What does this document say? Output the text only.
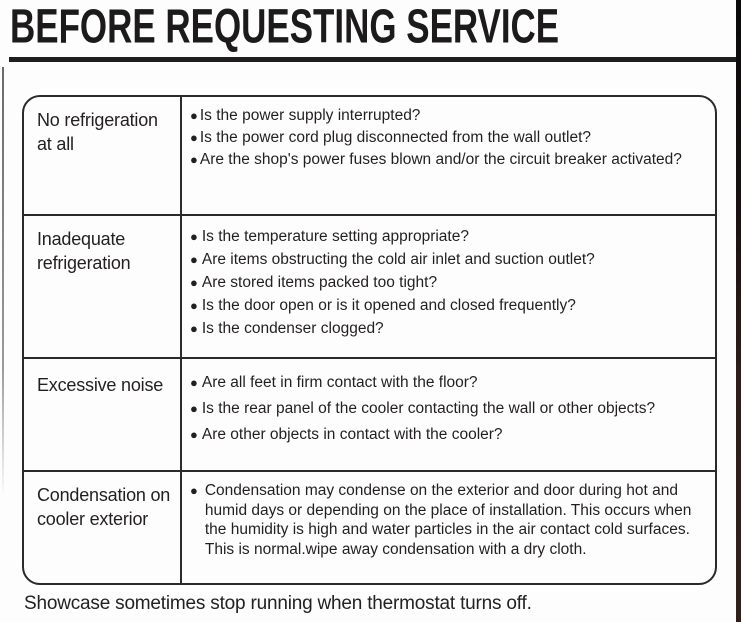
BEFORE REQUESTING SERVICE
No refrigeration at all
● Is the power supply interrupted?
● Is the power cord plug disconnected from the wall outlet?
● Are the shop's power fuses blown and/or the circuit breaker activated?
Inadequate refrigeration
● Is the temperature setting appropriate?
● Are items obstructing the cold air inlet and suction outlet?
● Are stored items packed too tight?
● Is the door open or is it opened and closed frequently?
● Is the condenser clogged?
Excessive noise	● Are all feet in firm contact with the floor?
● Is the rear panel of the cooler contacting the wall or other objects?
● Are other objects in contact with the cooler?
Condensation on cooler exterior
● Condensation may condense on the exterior and door during hot and humid days or depending on the place of installation. This occurs when the humidity is high and water particles in the air contact cold surfaces. This is normal.wipe away condensation with a dry cloth.
Showcase sometimes stop running when thermostat turns off.
